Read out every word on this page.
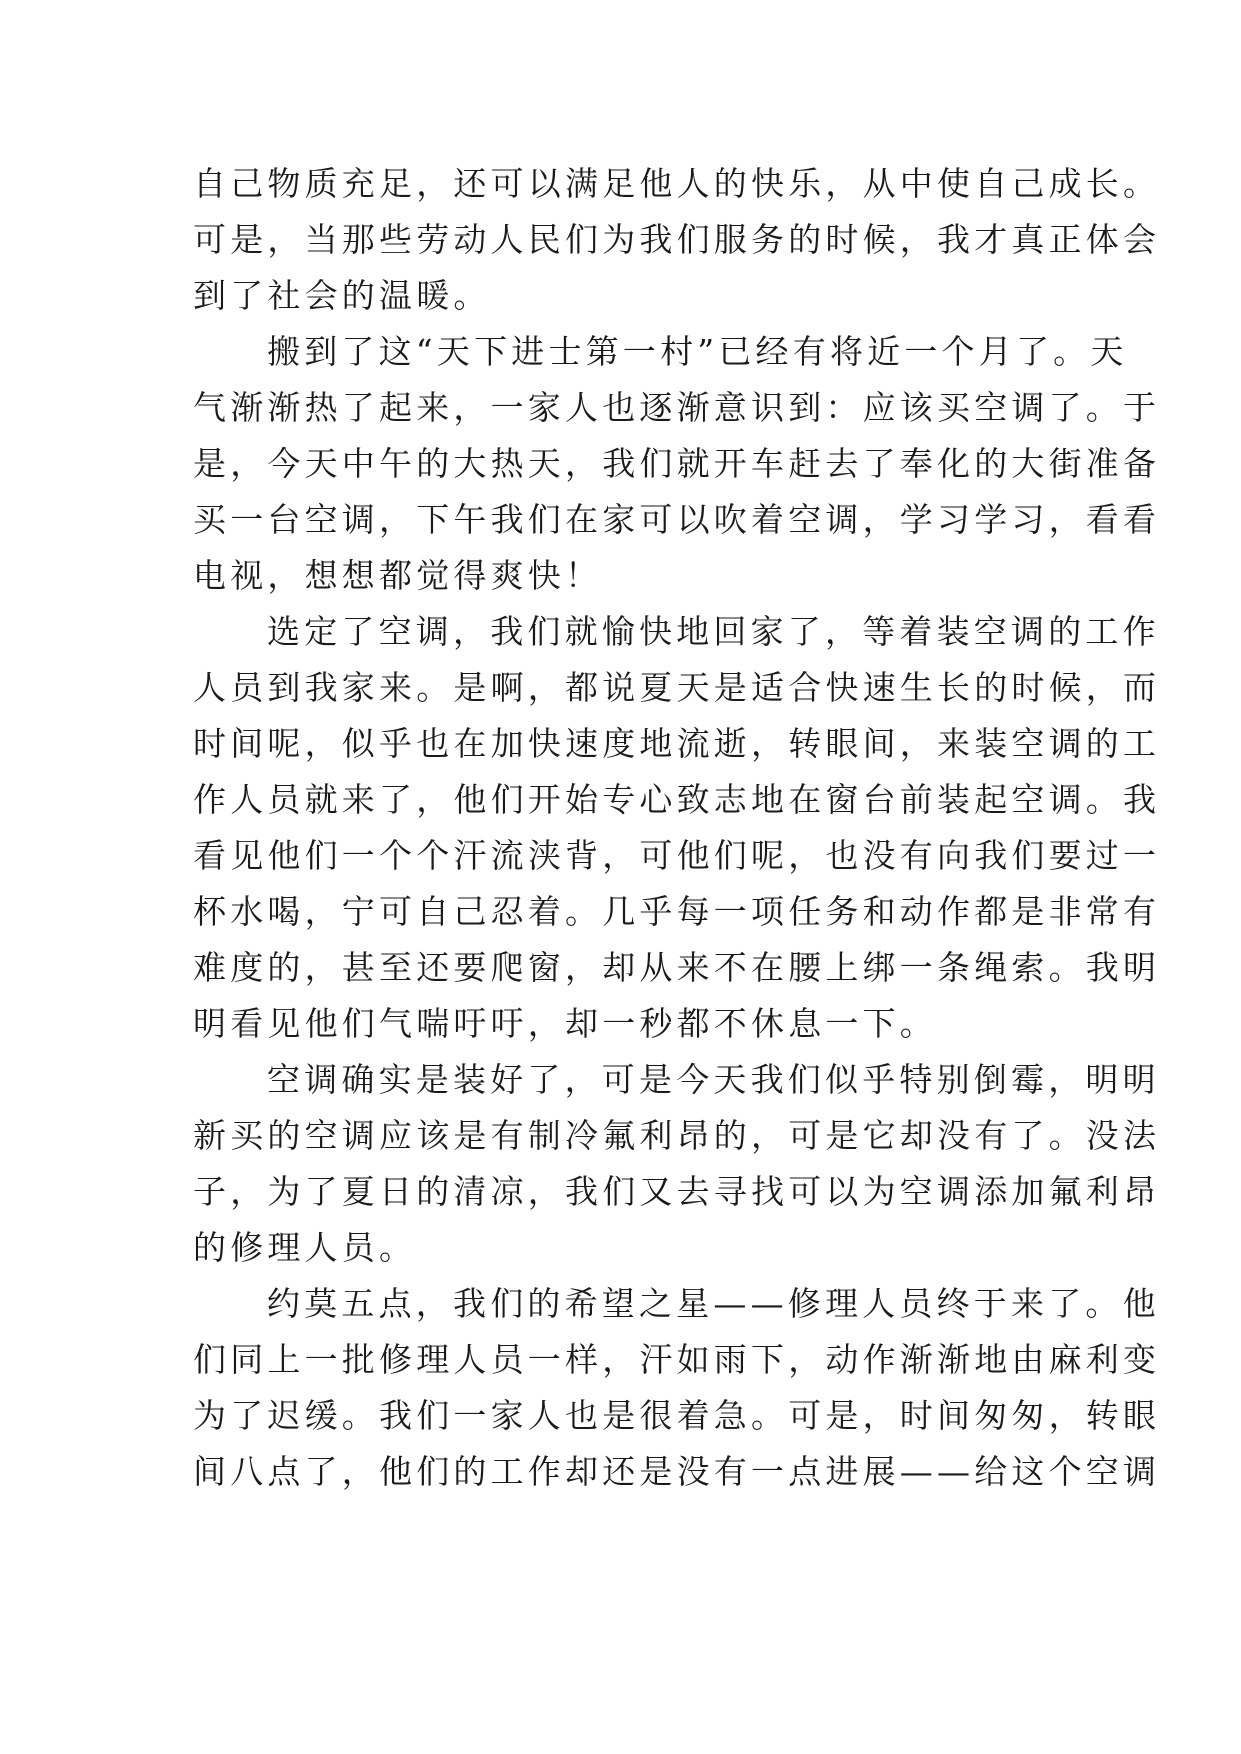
自己物质充足，还可以满足他人的快乐，从中使自己成长。
可是，当那些劳动人民们为我们服务的时候，我才真正体会
到了社会的温暖。
搬到了这“天下进士第一村”已经有将近一个月了。天
气渐渐热了起来，一家人也逐渐意识到：应该买空调了。于
是，今天中午的大热天，我们就开车赶去了奉化的大街准备
买一台空调，下午我们在家可以吹着空调，学习学习，看看
电视，想想都觉得爽快！
选定了空调，我们就愉快地回家了，等着装空调的工作
人员到我家来。是啊，都说夏天是适合快速生长的时候，而
时间呢，似乎也在加快速度地流逝，转眼间，来装空调的工
作人员就来了，他们开始专心致志地在窗台前装起空调。我
看见他们一个个汗流浃背，可他们呢，也没有向我们要过一
杯水喝，宁可自己忍着。几乎每一项任务和动作都是非常有
难度的，甚至还要爬窗，却从来不在腰上绑一条绳索。我明
明看见他们气喘吁吁，却一秒都不休息一下。
空调确实是装好了，可是今天我们似乎特别倒霉，明明
新买的空调应该是有制冷氟利昂的，可是它却没有了。没法
子，为了夏日的清凉，我们又去寻找可以为空调添加氟利昂
的修理人员。
约莫五点，我们的希望之星——修理人员终于来了。他
们同上一批修理人员一样，汗如雨下，动作渐渐地由麻利变
为了迟缓。我们一家人也是很着急。可是，时间匆匆，转眼
间八点了，他们的工作却还是没有一点进展——给这个空调
